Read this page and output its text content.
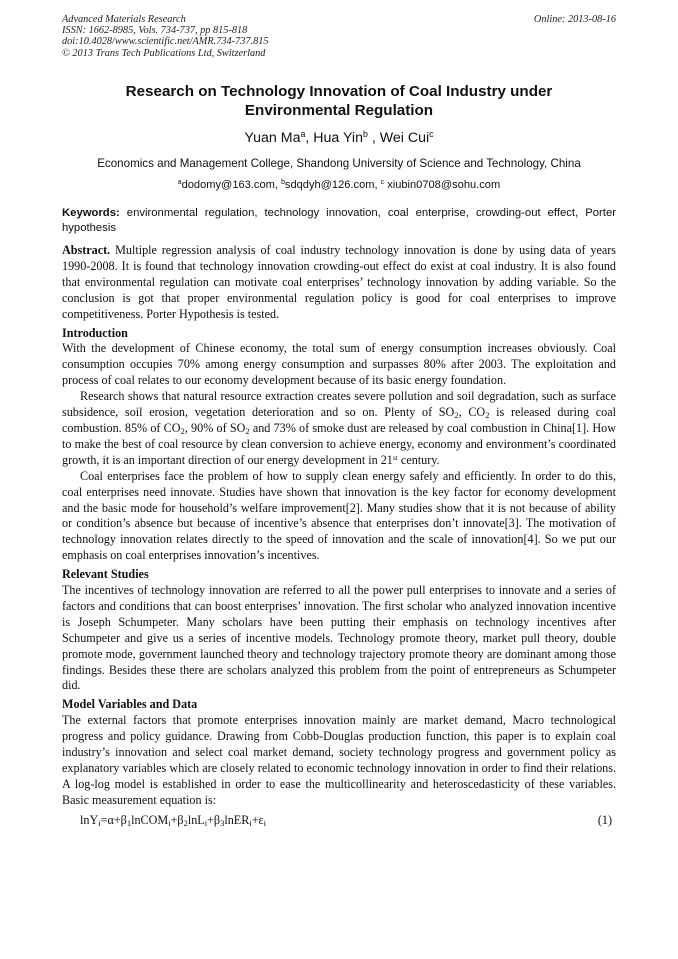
Advanced Materials Research
ISSN: 1662-8985, Vols. 734-737, pp 815-818
doi:10.4028/www.scientific.net/AMR.734-737.815
© 2013 Trans Tech Publications Ltd, Switzerland
Online: 2013-08-16
Research on Technology Innovation of Coal Industry under
Environmental Regulation
Yuan Ma$^a$, Hua Yin$^b$ , Wei Cui$^c$
Economics and Management College, Shandong University of Science and Technology, China
$^a$dodomy@163.com, $^b$sdqdyh@126.com, $^c$ xiubin0708@sohu.com
Keywords: environmental regulation, technology innovation, coal enterprise, crowding-out effect, Porter hypothesis

Abstract. Multiple regression analysis of coal industry technology innovation is done by using data of years 1990-2008. It is found that technology innovation crowding-out effect do exist at coal industry. It is also found that environmental regulation can motivate coal enterprises’ technology innovation by adding variable. So the conclusion is got that proper environmental regulation policy is good for coal enterprises to improve competitiveness. Porter Hypothesis is tested.

Introduction

With the development of Chinese economy, the total sum of energy consumption increases obviously. Coal consumption occupies 70% among energy consumption and surpasses 80% after 2003. The exploitation and process of coal relates to our economy development because of its basic energy foundation.

Research shows that natural resource extraction creates severe pollution and soil degradation, such as surface subsidence, soil erosion, vegetation deterioration and so on. Plenty of $SO_2$, $CO_2$ is released during coal combustion. 85% of $CO_2$, 90% of $SO_2$ and 73% of smoke dust are released by coal combustion in China[1]. How to make the best of coal resource by clean conversion to achieve energy, economy and environment’s coordinated growth, it is an important direction of our energy development in 21st century.

Coal enterprises face the problem of how to supply clean energy safely and efficiently. In order to do this, coal enterprises need innovate. Studies have shown that innovation is the key factor for economy development and the basic mode for household’s welfare improvement[2]. Many studies show that it is not because of ability or condition’s absence but because of incentive’s absence that enterprises don’t innovate[3]. The motivation of technology innovation relates directly to the speed of innovation and the scale of innovation[4]. So we put our emphasis on coal enterprises innovation’s incentives.

Relevant Studies

The incentives of technology innovation are referred to all the power pull enterprises to innovate and a series of factors and conditions that can boost enterprises’ innovation. The first scholar who analyzed innovation incentive is Joseph Schumpeter. Many scholars have been putting their emphasis on technology incentives after Schumpeter and give us a series of incentive models. Technology promote theory, market pull theory, double promote mode, government launched theory and technology trajectory promote theory are dominant among those findings. Besides these there are scholars analyzed this problem from the point of entrepreneurs as Schumpeter did.

Model Variables and Data

The external factors that promote enterprises innovation mainly are market demand, Macro technological progress and policy guidance. Drawing from Cobb-Douglas production function, this paper is to explain coal industry’s innovation and select coal market demand, society technology progress and government policy as explanatory variables which are closely related to economic technology innovation in order to find their relations. A log-log model is established in order to ease the multicollinearity and heteroscedasticity of these variables. Basic measurement equation is:

$\ln Y_i=\alpha+\beta_1lnCOM_i+\beta_2\ln L_i+\beta_3lnER_i+\varepsilon_i$	(1)
